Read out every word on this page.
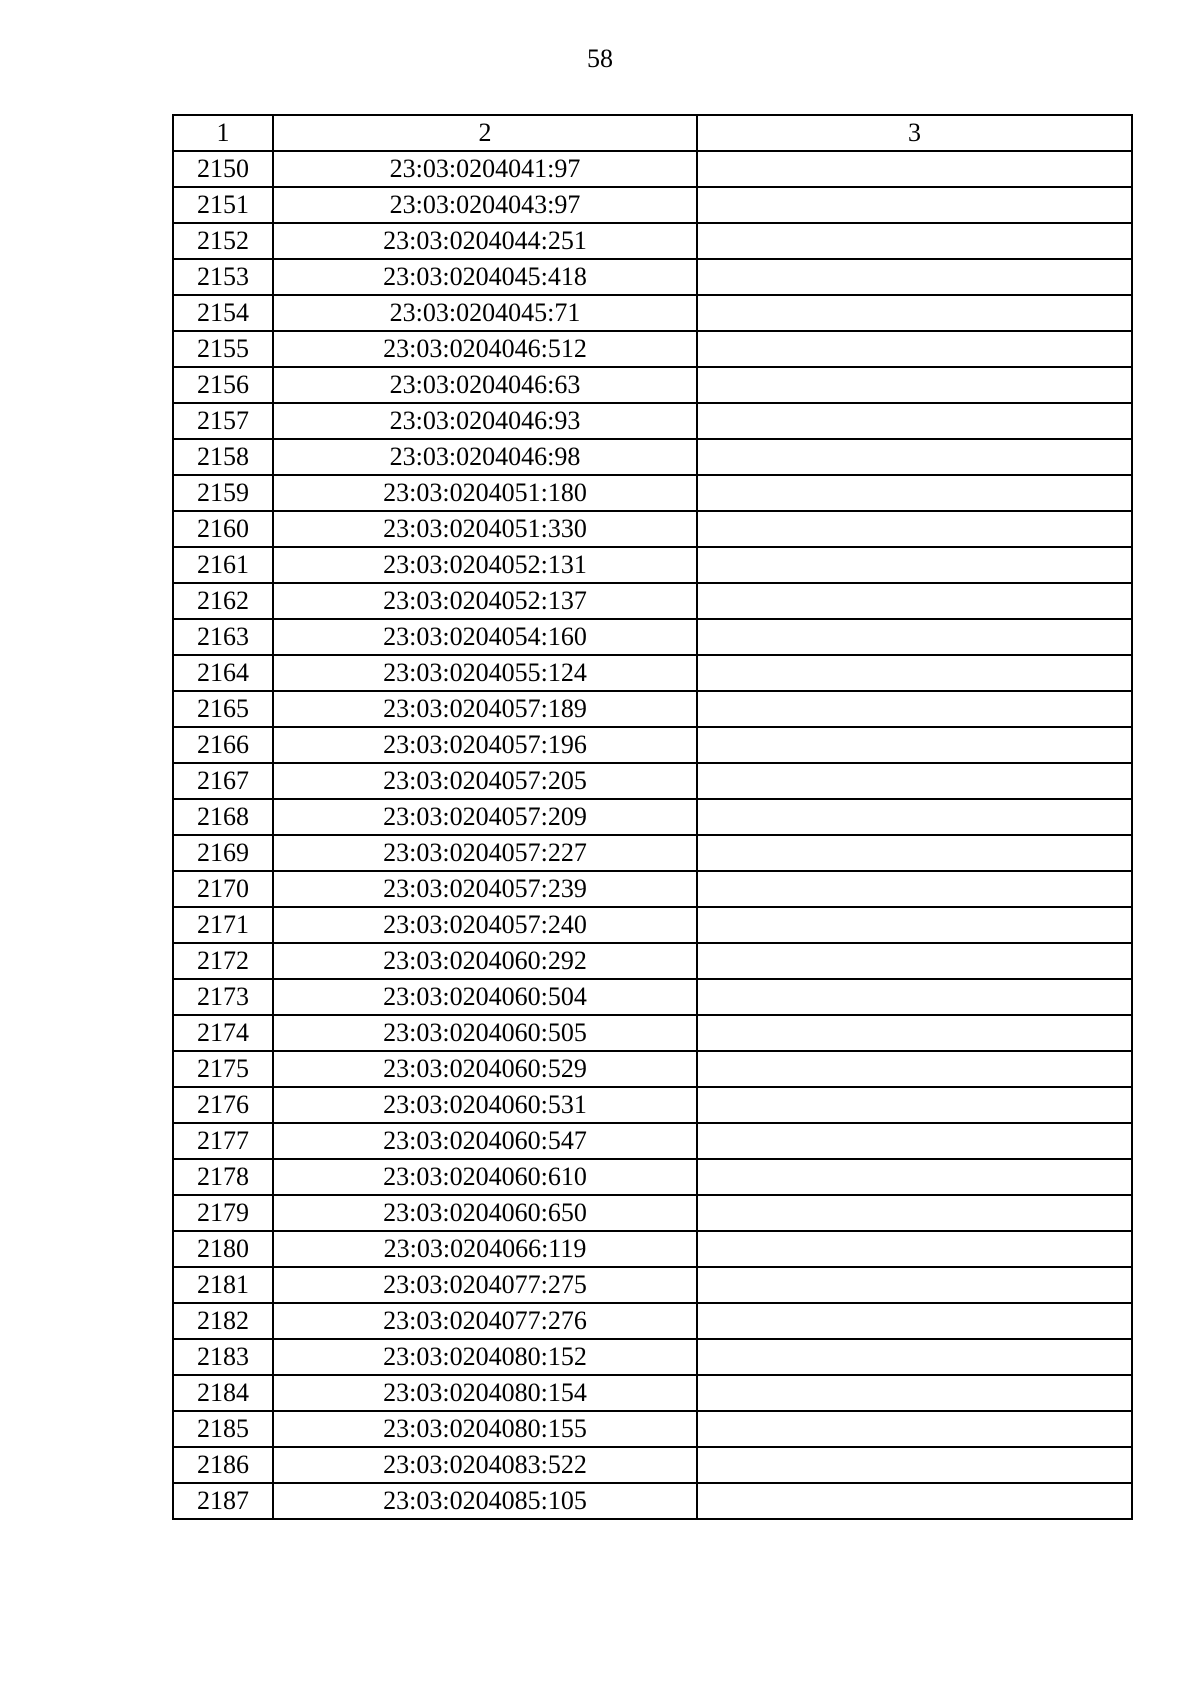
58
1	2	3
2150	23:03:0204041:97	
2151	23:03:0204043:97	
2152	23:03:0204044:251	
2153	23:03:0204045:418	
2154	23:03:0204045:71	
2155	23:03:0204046:512	
2156	23:03:0204046:63	
2157	23:03:0204046:93	
2158	23:03:0204046:98	
2159	23:03:0204051:180	
2160	23:03:0204051:330	
2161	23:03:0204052:131	
2162	23:03:0204052:137	
2163	23:03:0204054:160	
2164	23:03:0204055:124	
2165	23:03:0204057:189	
2166	23:03:0204057:196	
2167	23:03:0204057:205	
2168	23:03:0204057:209	
2169	23:03:0204057:227	
2170	23:03:0204057:239	
2171	23:03:0204057:240	
2172	23:03:0204060:292	
2173	23:03:0204060:504	
2174	23:03:0204060:505	
2175	23:03:0204060:529	
2176	23:03:0204060:531	
2177	23:03:0204060:547	
2178	23:03:0204060:610	
2179	23:03:0204060:650	
2180	23:03:0204066:119	
2181	23:03:0204077:275	
2182	23:03:0204077:276	
2183	23:03:0204080:152	
2184	23:03:0204080:154	
2185	23:03:0204080:155	
2186	23:03:0204083:522	
2187	23:03:0204085:105	
